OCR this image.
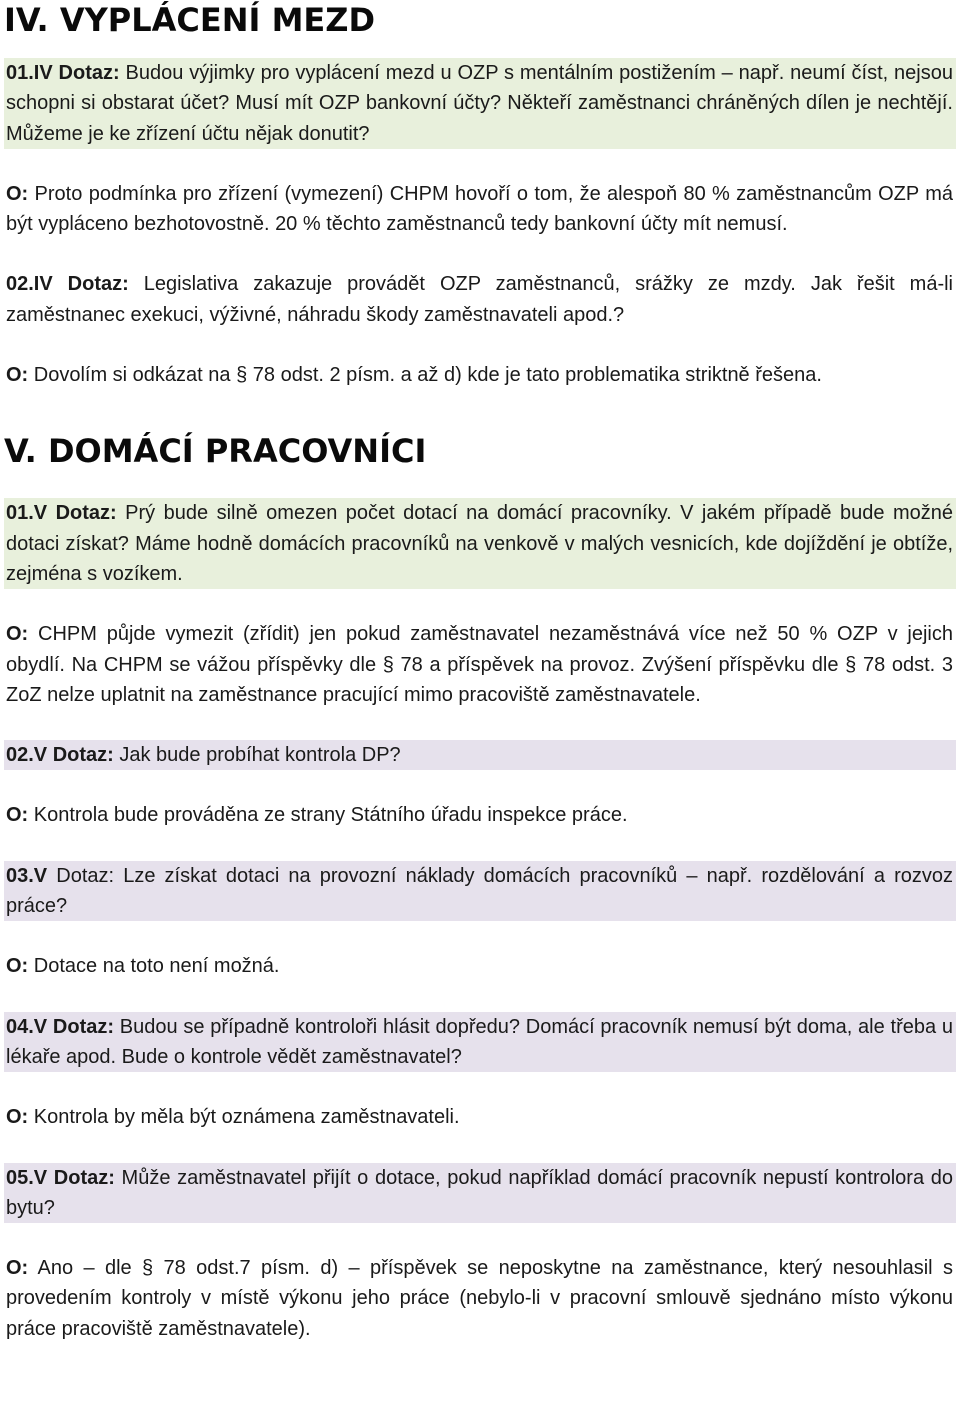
IV. VYPLÁCENÍ MEZD

01.IV Dotaz: Budou výjimky pro vyplácení mezd u OZP s mentálním postižením – např. neumí číst, nejsou schopni si obstarat účet? Musí mít OZP bankovní účty? Někteří zaměstnanci chráněných dílen je nechtějí. Můžeme je ke zřízení účtu nějak donutit?

O: Proto podmínka pro zřízení (vymezení) CHPM hovoří o tom, že alespoň 80 % zaměstnancům OZP má být vypláceno bezhotovostně. 20 % těchto zaměstnanců tedy bankovní účty mít nemusí.

02.IV Dotaz: Legislativa zakazuje provádět OZP zaměstnanců, srážky ze mzdy. Jak řešit má-li zaměstnanec exekuci, výživné, náhradu škody zaměstnavateli apod.?

O: Dovolím si odkázat na § 78 odst. 2 písm. a až d) kde je tato problematika striktně řešena.

V. DOMÁCÍ PRACOVNÍCI

01.V Dotaz: Prý bude silně omezen počet dotací na domácí pracovníky. V jakém případě bude možné dotaci získat? Máme hodně domácích pracovníků na venkově v malých vesnicích, kde dojíždění je obtíže, zejména s vozíkem.

O: CHPM půjde vymezit (zřídit) jen pokud zaměstnavatel nezaměstnává více než 50 % OZP v jejich obydlí. Na CHPM se vážou příspěvky dle § 78 a příspěvek na provoz. Zvýšení příspěvku dle § 78 odst. 3 ZoZ nelze uplatnit na zaměstnance pracující mimo pracoviště zaměstnavatele.

02.V Dotaz: Jak bude probíhat kontrola DP?

O: Kontrola bude prováděna ze strany Státního úřadu inspekce práce.

03.V Dotaz: Lze získat dotaci na provozní náklady domácích pracovníků – např. rozdělování a rozvoz práce?

O: Dotace na toto není možná.

04.V Dotaz: Budou se případně kontroloři hlásit dopředu? Domácí pracovník nemusí být doma, ale třeba u lékaře apod. Bude o kontrole vědět zaměstnavatel?

O: Kontrola by měla být oznámena zaměstnavateli.

05.V Dotaz: Může zaměstnavatel přijít o dotace, pokud například domácí pracovník nepustí kontrolora do bytu?

O: Ano – dle § 78 odst.7 písm. d) – příspěvek se neposkytne na zaměstnance, který nesouhlasil s provedením kontroly v místě výkonu jeho práce (nebylo-li v pracovní smlouvě sjednáno místo výkonu práce pracoviště zaměstnavatele).
